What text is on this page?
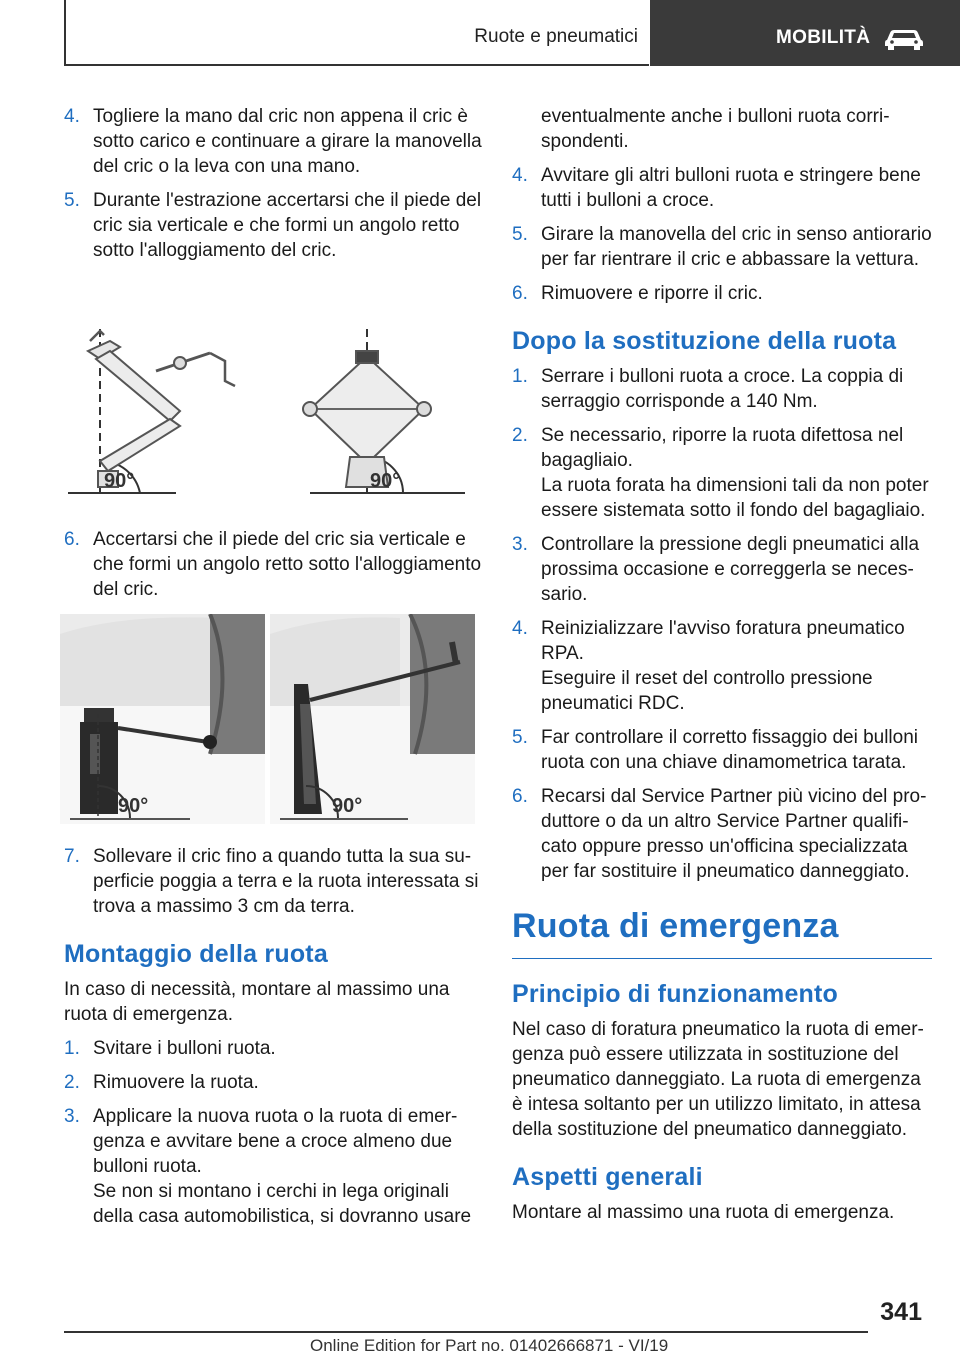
Ruote e pneumatici	MOBILITÀ
4. Togliere la mano dal cric non appena il cric è sotto carico e continuare a girare la manovella del cric o la leva con una mano.

5. Durante l'estrazione accertarsi che il piede del cric sia verticale e che formi un angolo retto sotto l'alloggiamento del cric.

90°	90°
6. Accertarsi che il piede del cric sia verticale e che formi un angolo retto sotto l'alloggiamento del cric.

90°	90°
7. Sollevare il cric fino a quando tutta la sua superficie poggia a terra e la ruota interessata si trova a massimo 3 cm da terra.

Montaggio della ruota

In caso di necessità, montare al massimo una ruota di emergenza.

1. Svitare i bulloni ruota.

2. Rimuovere la ruota.

3. Applicare la nuova ruota o la ruota di emergenza e avvitare bene a croce almeno due bulloni ruota.

Se non si montano i cerchi in lega originali della casa automobilistica, si dovranno usare

eventualmente anche i bulloni ruota corrispondenti.

4. Avvitare gli altri bulloni ruota e stringere bene tutti i bulloni a croce.

5. Girare la manovella del cric in senso antiorario per far rientrare il cric e abbassare la vettura.

6. Rimuovere e riporre il cric.

Dopo la sostituzione della ruota
1. Serrare i bulloni ruota a croce. La coppia di serraggio corrisponde a 140 Nm.

2. Se necessario, riporre la ruota difettosa nel bagagliaio.

La ruota forata ha dimensioni tali da non poter essere sistemata sotto il fondo del bagagliaio.

3. Controllare la pressione degli pneumatici alla prossima occasione e correggerla se necessario.

4. Reinizializzare l'avviso foratura pneumatico RPA.

Eseguire il reset del controllo pressione pneumatici RDC.

5. Far controllare il corretto fissaggio dei bulloni ruota con una chiave dinamometrica tarata.

6. Recarsi dal Service Partner più vicino del produttore o da un altro Service Partner qualificato oppure presso un'officina specializzata per far sostituire il pneumatico danneggiato.

Ruota di emergenza
Principio di funzionamento

Nel caso di foratura pneumatico la ruota di emergenza può essere utilizzata in sostituzione del pneumatico danneggiato. La ruota di emergenza è intesa soltanto per un utilizzo limitato, in attesa della sostituzione del pneumatico danneggiato.

Aspetti generali

Montare al massimo una ruota di emergenza.

341
Online Edition for Part no. 01402666871 - VI/19
